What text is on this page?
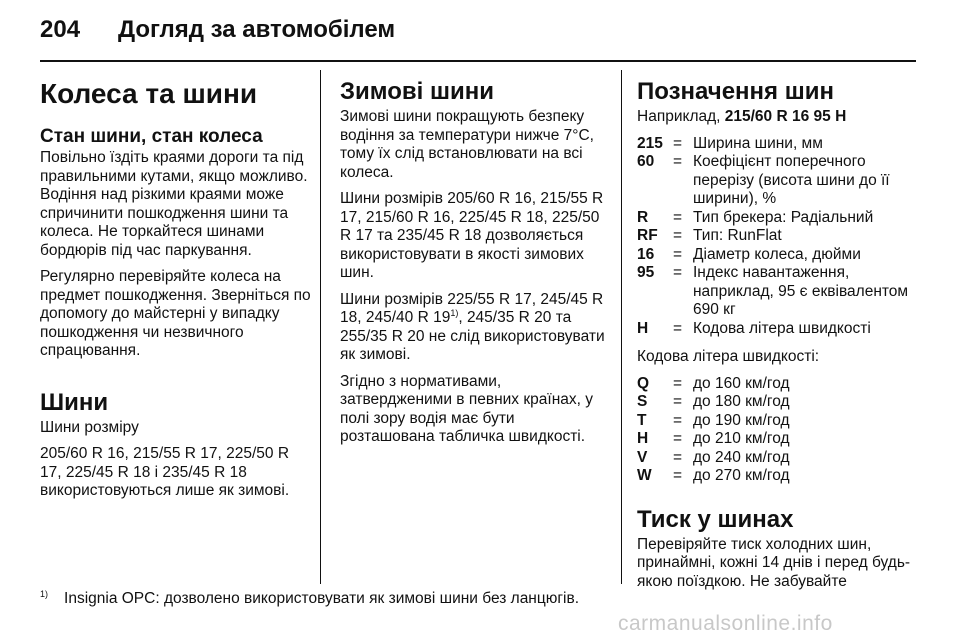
204 Догляд за автомобілем
Колеса та шини
Стан шини, стан колеса

Повільно їздіть краями дороги та під правильними кутами, якщо можливо. Водіння над різкими краями може спричинити пошкодження шини та колеса. Не торкайтеся шинами бордюрів під час паркування.

Регулярно перевіряйте колеса на предмет пошкодження. Зверніться по допомогу до майстерні у випадку пошкодження чи незвичного спрацювання.

Шини

Шини розміру

205/60 R 16, 215/55 R 17, 225/50 R 17, 225/45 R 18 і 235/45 R 18 використовуються лише як зимові.

Зимові шини

Зимові шини покращують безпеку водіння за температури нижче 7°C, тому їх слід встановлювати на всі колеса.

Шини розмірів 205/60 R 16, 215/55 R 17, 215/60 R 16, 225/45 R 18, 225/50 R 17 та 235/45 R 18 дозволяється використовувати в якості зимових шин.

Шини розмірів 225/55 R 17, 245/45 R 18, 245/40 R 19$^{1)}$, 245/35 R 20 та 255/35 R 20 не слід використовувати як зимові.

Згідно з нормативами, затвердженими в певних країнах, у полі зору водія має бути розташована табличка швидкості.

Позначення шин

Наприклад, 215/60 R 16 95 H

215	=	Ширина шини, мм
60	=	Коефіцієнт поперечного перерізу (висота шини до її ширини), %
R	=	Тип брекера: Радіальний
RF	=	Тип: RunFlat
16	=	Діаметр колеса, дюйми
95	=	Індекс навантаження, наприклад, 95 є еквівалентом 690 кг
H	=	Кодова літера швидкості

Кодова літера швидкості:

Q	=	до 160 км/год
S	=	до 180 км/год
T	=	до 190 км/год
H	=	до 210 км/год
V	=	до 240 км/год
W	=	до 270 км/год
Тиск у шинах

Перевіряйте тиск холодних шин, принаймні, кожні 14 днів і перед будь-якою поїздкою. Не забувайте

$^{1)}$ Insignia OPC: дозволено використовувати як зимові шини без ланцюгів.
carmanualsonline.info
